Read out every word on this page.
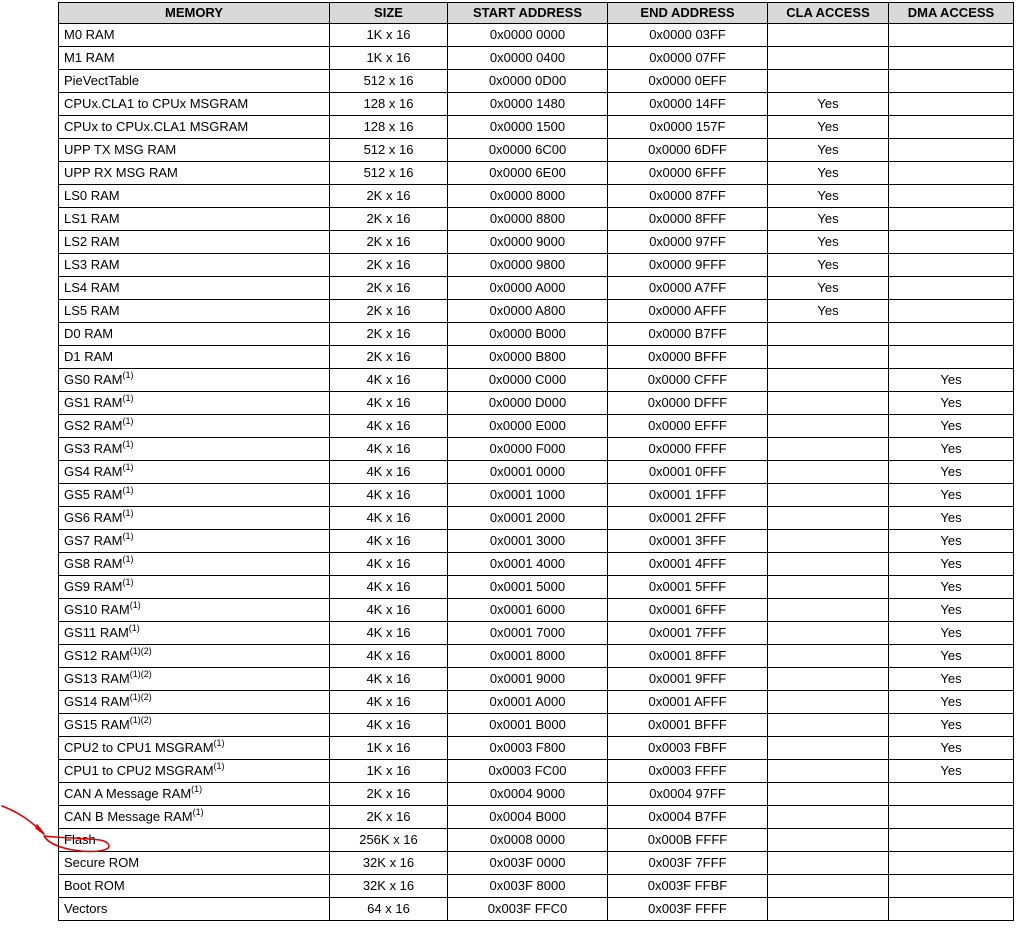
MEMORY	SIZE	START ADDRESS	END ADDRESS	CLA ACCESS	DMA ACCESS
M0 RAM	1K x 16	0x0000 0000	0x0000 03FF		
M1 RAM	1K x 16	0x0000 0400	0x0000 07FF		
PieVectTable	512 x 16	0x0000 0D00	0x0000 0EFF		
CPUx.CLA1 to CPUx MSGRAM	128 x 16	0x0000 1480	0x0000 14FF	Yes	
CPUx to CPUx.CLA1 MSGRAM	128 x 16	0x0000 1500	0x0000 157F	Yes	
UPP TX MSG RAM	512 x 16	0x0000 6C00	0x0000 6DFF	Yes	
UPP RX MSG RAM	512 x 16	0x0000 6E00	0x0000 6FFF	Yes	
LS0 RAM	2K x 16	0x0000 8000	0x0000 87FF	Yes	
LS1 RAM	2K x 16	0x0000 8800	0x0000 8FFF	Yes	
LS2 RAM	2K x 16	0x0000 9000	0x0000 97FF	Yes	
LS3 RAM	2K x 16	0x0000 9800	0x0000 9FFF	Yes	
LS4 RAM	2K x 16	0x0000 A000	0x0000 A7FF	Yes	
LS5 RAM	2K x 16	0x0000 A800	0x0000 AFFF	Yes	
D0 RAM	2K x 16	0x0000 B000	0x0000 B7FF		
D1 RAM	2K x 16	0x0000 B800	0x0000 BFFF		
GS0 RAM$^{(1)}$	4K x 16	0x0000 C000	0x0000 CFFF		Yes
GS1 RAM$^{(1)}$	4K x 16	0x0000 D000	0x0000 DFFF		Yes
GS2 RAM$^{(1)}$	4K x 16	0x0000 E000	0x0000 EFFF		Yes
GS3 RAM$^{(1)}$	4K x 16	0x0000 F000	0x0000 FFFF		Yes
GS4 RAM$^{(1)}$	4K x 16	0x0001 0000	0x0001 0FFF		Yes
GS5 RAM$^{(1)}$	4K x 16	0x0001 1000	0x0001 1FFF		Yes
GS6 RAM$^{(1)}$	4K x 16	0x0001 2000	0x0001 2FFF		Yes
GS7 RAM$^{(1)}$	4K x 16	0x0001 3000	0x0001 3FFF		Yes
GS8 RAM$^{(1)}$	4K x 16	0x0001 4000	0x0001 4FFF		Yes
GS9 RAM$^{(1)}$	4K x 16	0x0001 5000	0x0001 5FFF		Yes
GS10 RAM$^{(1)}$	4K x 16	0x0001 6000	0x0001 6FFF		Yes
GS11 RAM$^{(1)}$	4K x 16	0x0001 7000	0x0001 7FFF		Yes
GS12 $RAM^{(1)(2)}$	4K x 16	0x0001 8000	0x0001 8FFF		Yes
GS13 $RAM^{(1)(2)}$	4K x 16	0x0001 9000	0x0001 9FFF		Yes
GS14 $RAM^{(1)(2)}$	4K x 16	0x0001 A000	0x0001 AFFF		Yes
GS15 $RAM^{(1)(2)}$	4K x 16	0x0001 B000	0x0001 BFFF		Yes
CPU2 to CPU1 MSGRAM$^{(1)}$	1K x 16	0x0003 F800	0x0003 FBFF		Yes
CPU1 to CPU2 MSGRAM$^{(1)}$	1K x 16	0x0003 FC00	0x0003 FFFF		Yes
CAN A Message RAM$^{(1)}$	2K x 16	0x0004 9000	0x0004 97FF		
CAN B Message RAM$^{(1)}$	2K x 16	0x0004 B000	0x0004 B7FF		
Flash	256K x 16	0x0008 0000	0x000B FFFF		
Secure ROM	32K x 16	0x003F 0000	0x003F 7FFF		
Boot ROM	32K x 16	0x003F 8000	0x003F FFBF		
Vectors	64 x 16	0x003F FFC0	0x003F FFFF		
